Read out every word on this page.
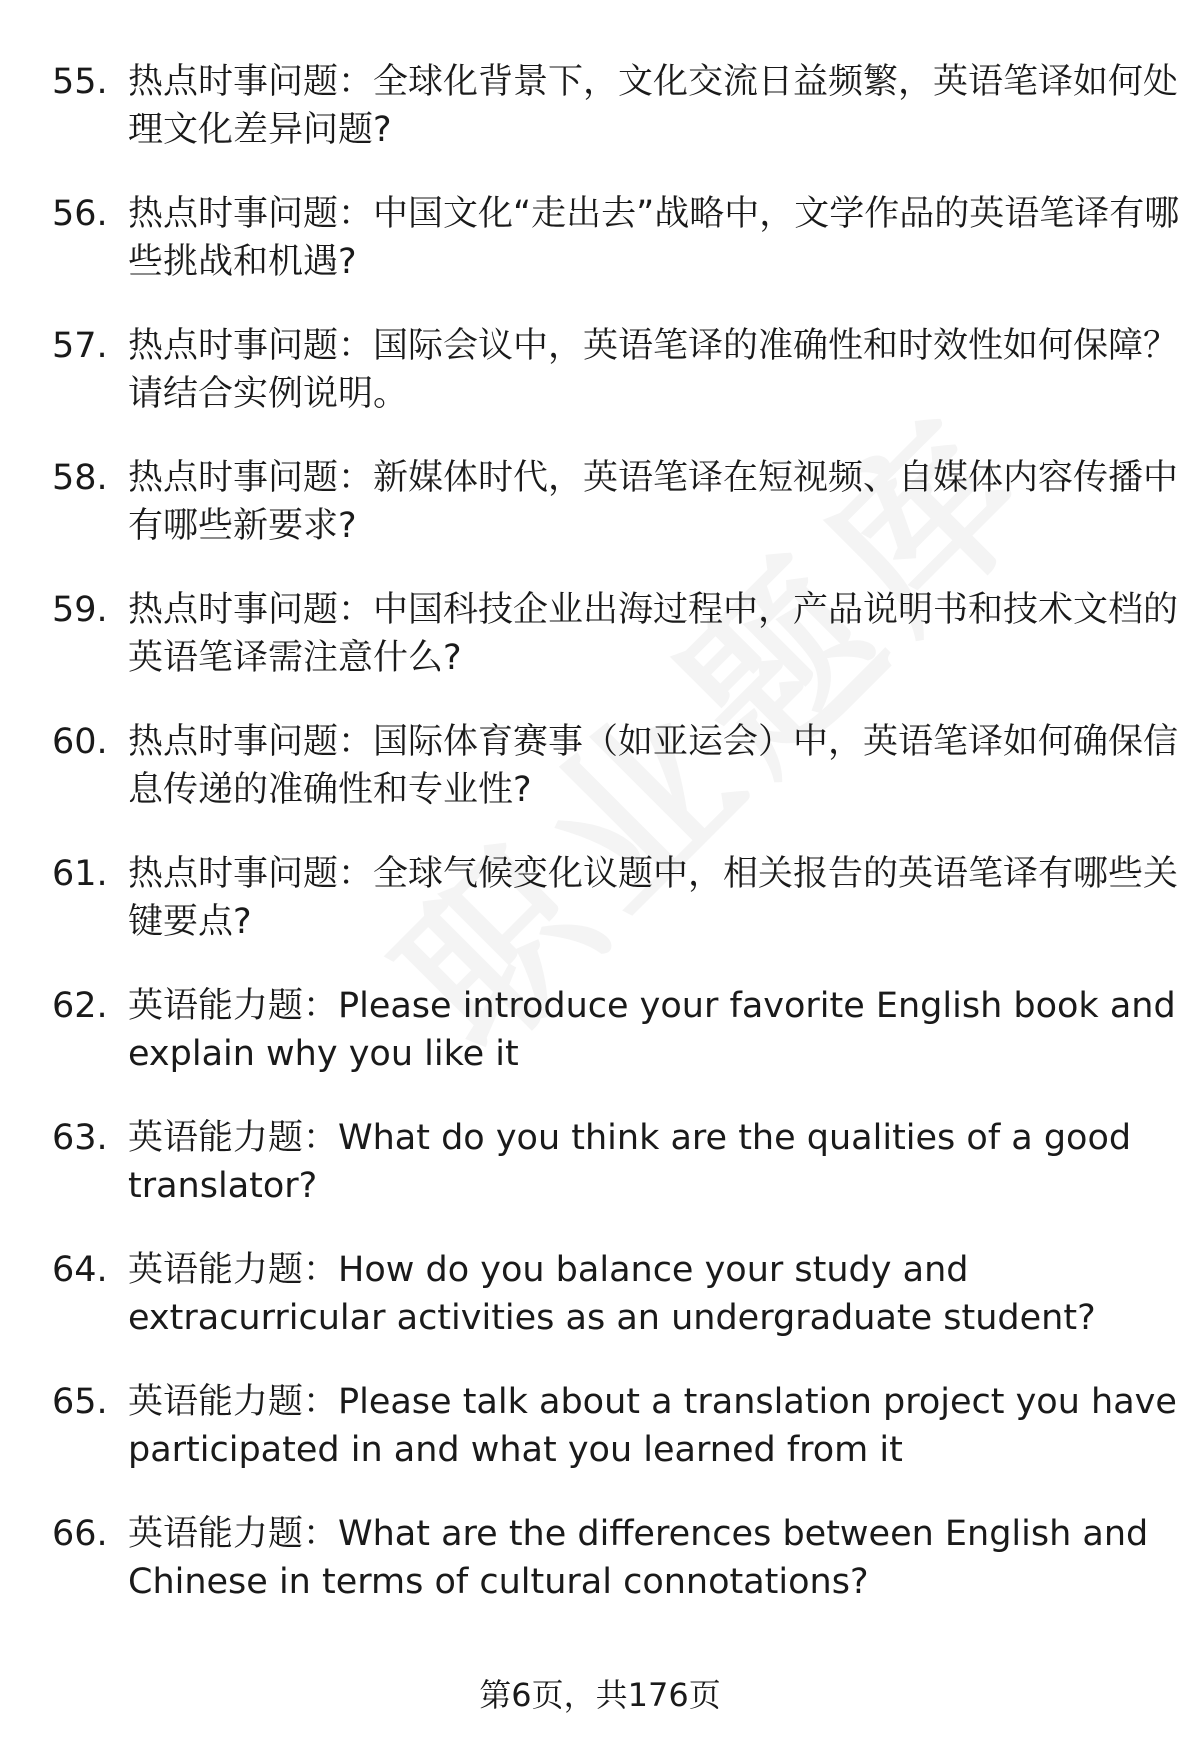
55. 热点时事问题：全球化背景下，文化交流日益频繁，英语笔译如何处理文化差异问题?
56. 热点时事问题：中国文化“走出去”战略中，文学作品的英语笔译有哪些挑战和机遇?
57. 热点时事问题：国际会议中，英语笔译的准确性和时效性如何保障？请结合实例说明。
58. 热点时事问题：新媒体时代，英语笔译在短视频、自媒体内容传播中有哪些新要求?
59. 热点时事问题：中国科技企业出海过程中，产品说明书和技术文档的英语笔译需注意什么?
60. 热点时事问题：国际体育赛事（如亚运会）中，英语笔译如何确保信息传递的准确性和专业性?
61. 热点时事问题：全球气候变化议题中，相关报告的英语笔译有哪些关键要点?
62. 英语能力题：Please introduce your favorite English book and explain why you like it
63. 英语能力题：What do you think are the qualities of a good translator?
64. 英语能力题：How do you balance your study and extracurricular activities as an undergraduate student?
65. 英语能力题：Please talk about a translation project you have participated in and what you learned from it
66. 英语能力题：What are the differences between English and Chinese in terms of cultural connotations?
第6页，共176页
